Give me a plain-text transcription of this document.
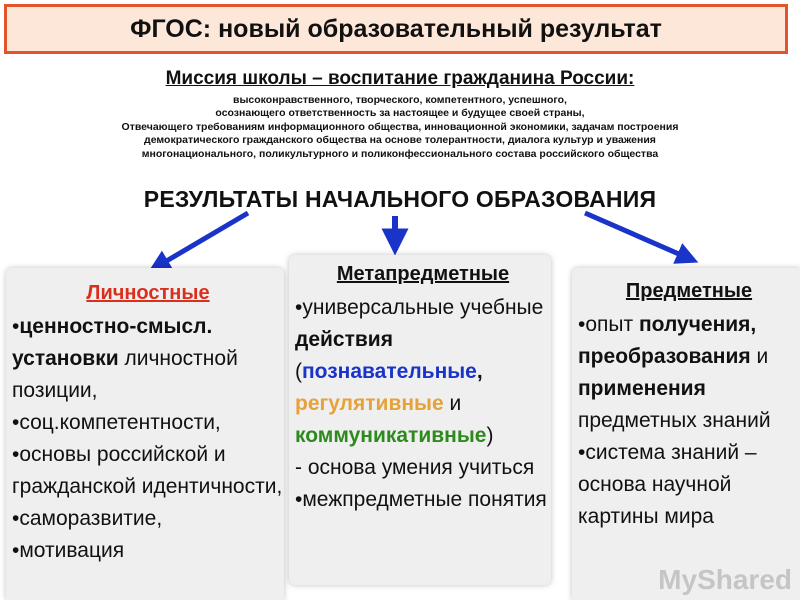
ФГОС: новый образовательный результат
Миссия школы – воспитание гражданина России:
высоконравственного, творческого, компетентного, успешного,
осознающего ответственность за настоящее и будущее своей страны,
Отвечающего требованиям информационного общества, инновационной экономики, задачам построения
демократического гражданского общества на основе толерантности, диалога культур и уважения
многонационального, поликультурного и поликонфессионального состава российского общества
РЕЗУЛЬТАТЫ НАЧАЛЬНОГО ОБРАЗОВАНИЯ
Личностные
•ценностно-смысл. установки личностной позиции,
•соц.компетентности,
•основы российской и гражданской идентичности,
•саморазвитие,
•мотивация
Метапредметные
•универсальные учебные действия (познавательные, регулятивные и коммуникативные)
- основа умения учиться
•межпредметные понятия
Предметные
•опыт получения, преобразования и применения предметных знаний
•система знаний – основа научной картины мира
MyShared
